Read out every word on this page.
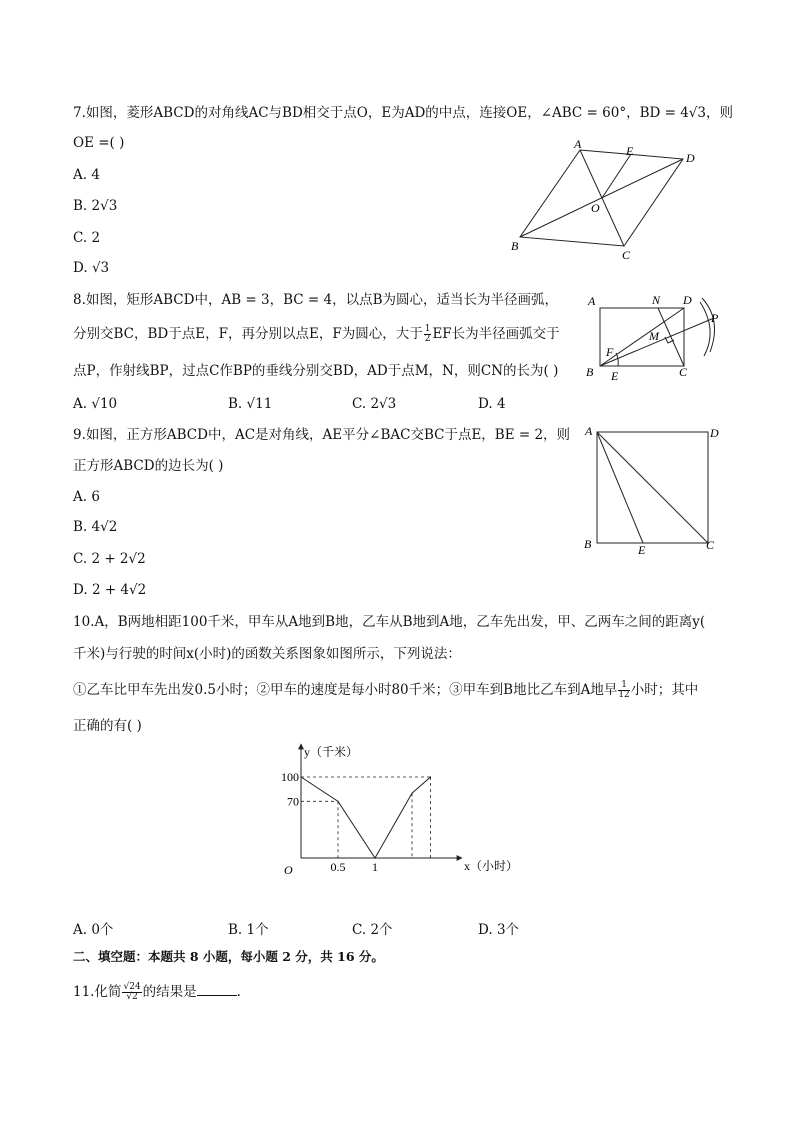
7.如图，菱形ABCD的对角线AC与BD相交于点O，E为AD的中点，连接OE，∠ABC = 60°，BD = 4√3，则
OE =( )
A. 4
B. 2√3
C. 2
D. √3
A	E	D
O
B
C
8.如图，矩形ABCD中，AB = 3，BC = 4，以点B为圆心，适当长为半径画弧，
分别交BC，BD于点E，F，再分别以点E，F为圆心，大于 $\frac{1}{2}$ EF长为半径画弧交于
点P，作射线BP，过点C作BP的垂线分别交BD，AD于点M，N，则CN的长为( )
A. √10	B. √11	C. 2√3	D. 4
A	N D
P
M
F
B E	C
9.如图，正方形ABCD中，AC是对角线，AE平分∠BAC交BC于点E，BE = 2，则
正方形ABCD的边长为( )
A. 6
B. 4√2
C. 2 + 2√2
D. 2 + 4√2
A	D
B	E	C
10.A，B两地相距100千米，甲车从A地到B地，乙车从B地到A地，乙车先出发，甲、乙两车之间的距离y(
千米)与行驶的时间x(小时)的函数关系图象如图所示，下列说法：
①乙车比甲车先出发0.5小时；②甲车的速度是每小时80千米；③甲车到B地比乙车到A地早 $\frac{1}{12}$ 小时；其中
正确的有( )
y（千米）
x（小时）
O
100
70
0.5 1
A. 0个	B. 1个	C. 2个	D. 3个
二、填空题：本题共 8 小题，每小题 2 分，共 16 分。
11.化简 $\frac{√24}{√2}$ 的结果是	.
